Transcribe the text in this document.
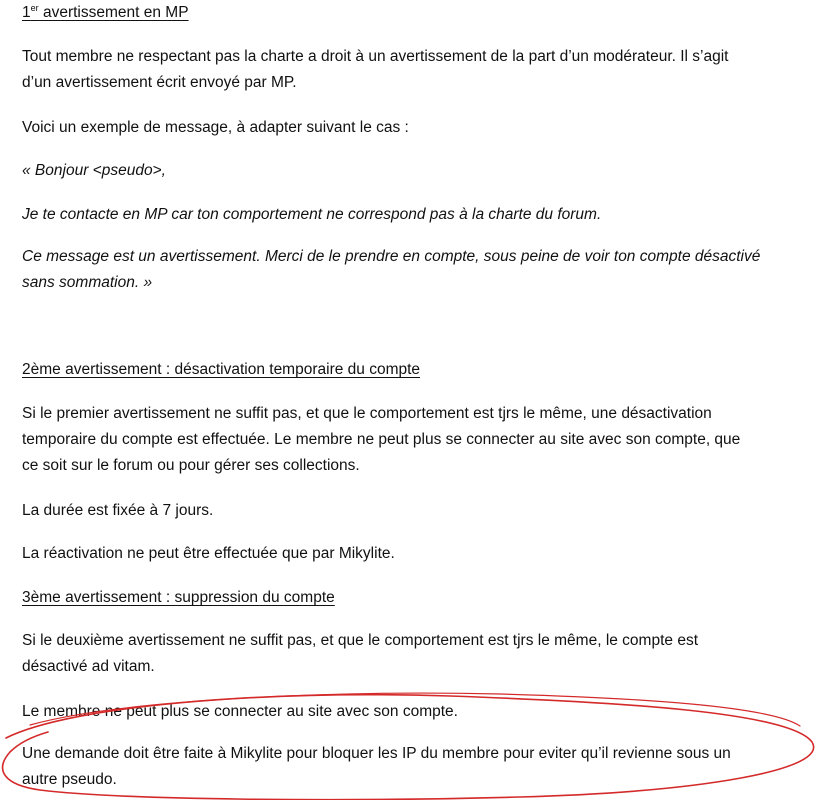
1er avertissement en MP
Tout membre ne respectant pas la charte a droit à un avertissement de la part d’un modérateur. Il s’agit
d’un avertissement écrit envoyé par MP.
Voici un exemple de message, à adapter suivant le cas :
« Bonjour <pseudo>,
Je te contacte en MP car ton comportement ne correspond pas à la charte du forum.
Ce message est un avertissement. Merci de le prendre en compte, sous peine de voir ton compte désactivé
sans sommation. »
2ème avertissement : désactivation temporaire du compte
Si le premier avertissement ne suffit pas, et que le comportement est tjrs le même, une désactivation
temporaire du compte est effectuée. Le membre ne peut plus se connecter au site avec son compte, que
ce soit sur le forum ou pour gérer ses collections.
La durée est fixée à 7 jours.
La réactivation ne peut être effectuée que par Mikylite.
3ème avertissement : suppression du compte
Si le deuxième avertissement ne suffit pas, et que le comportement est tjrs le même, le compte est
désactivé ad vitam.
Le membre ne peut plus se connecter au site avec son compte.
Une demande doit être faite à Mikylite pour bloquer les IP du membre pour eviter qu’il revienne sous un
autre pseudo.
